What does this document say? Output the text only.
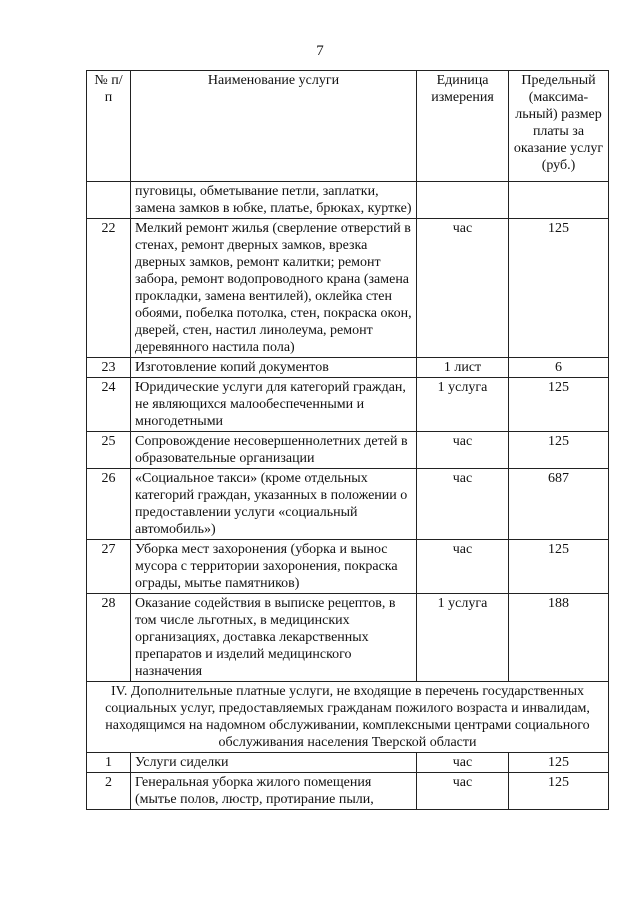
7
№ п/п	Наименование услуги	Единица измерения	Предельный (максима-льный) размер платы за оказание услуг (руб.)
	пуговицы, обметывание петли, заплатки, замена замков в юбке, платье, брюках, куртке)		
22	Мелкий ремонт жилья (сверление отверстий в стенах, ремонт дверных замков, врезка дверных замков, ремонт калитки; ремонт забора, ремонт водопроводного крана (замена прокладки, замена вентилей), оклейка стен обоями, побелка потолка, стен, покраска окон, дверей, стен, настил линолеума, ремонт деревянного настила пола)	час	125
23	Изготовление копий документов	1 лист	6
24	Юридические услуги для категорий граждан, не являющихся малообеспеченными и многодетными	1 услуга	125
25	Сопровождение несовершеннолетних детей в образовательные организации	час	125
26	«Социальное такси» (кроме отдельных категорий граждан, указанных в положении о предоставлении услуги «социальный автомобиль»)	час	687
27	Уборка мест захоронения (уборка и вынос мусора с территории захоронения, покраска ограды, мытье памятников)	час	125
28	Оказание содействия в выписке рецептов, в том числе льготных, в медицинских организациях, доставка лекарственных препаратов и изделий медицинского назначения	1 услуга	188
IV. Дополнительные платные услуги, не входящие в перечень государственных социальных услуг, предоставляемых гражданам пожилого возраста и инвалидам, находящимся на надомном обслуживании, комплексными центрами социального обслуживания населения Тверской области			
1	Услуги сиделки	час	125
2	Генеральная уборка жилого помещения (мытье полов, люстр, протирание пыли,	час	125
